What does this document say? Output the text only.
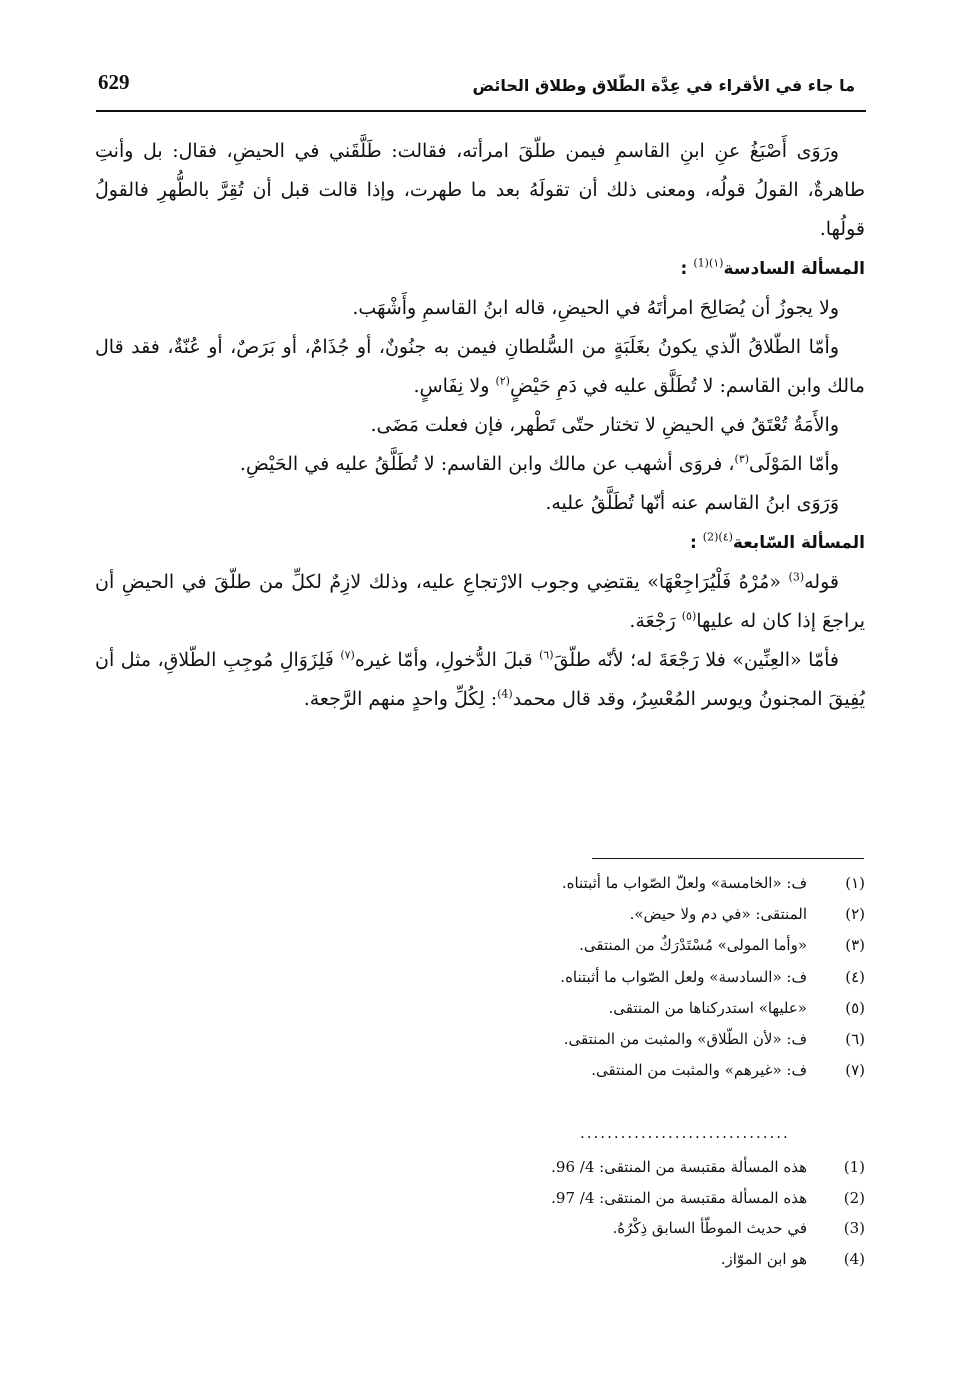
629	ما جاء في الأقراء في عِدَّة الطّلاق وطلاق الحائض

ورَوَى أَصْبَغُ عنِ ابنِ القاسمِ فيمن طلّقَ امرأته، فقالت: طَلَّقَني في الحيضِ، فقال: بل وأنتِ طاهرةٌ، القولُ قولُه، ومعنى ذلك أن تقولَهُ بعد ما طهرت، وإذا قالت قبل أن تُقِرَّ بالطُّهرِ فالقولُ قولُها.

المسألة السادسة$^{(١)(1)}$ :

ولا يجوزُ أن يُصَالِحَ امرأتَهُ في الحيضِ، قاله ابنُ القاسمِ وأَشْهَب.

وأمّا الطّلاقُ الّذي يكونُ بغَلَبَةٍ من السُّلطانِ فيمن به جنُونٌ، أو جُذَامٌ، أو بَرَصٌ، أو عُنّةٌ، فقد قال مالك وابن القاسم: لا تُطَلَّق عليه في دَمِ حَيْضٍ$^{(٢)}$ ولا نِفَاسٍ.

والأَمَةُ تُعْتَقُ في الحيضِ لا تختار حتّى تَطْهر، فإن فعلت مَضَى.

وأمّا المَوْلَى$^{(٣)}$، فروَى أشهب عن مالك وابن القاسم: لا تُطَلَّقُ عليه في الحَيْضِ.

وَرَوَى ابنُ القاسم عنه أنّها تُطَلَّقُ عليه.

المسألة السّابعة$^{(٤)(2)}$ :

قوله$^{(3)}$ «مُرْهُ فَلْيُرَاجِعْهَا» يقتضِي وجوب الارْتجاعِ عليه، وذلك لازِمٌ لكلِّ من طلّقَ في الحيضِ أن يراجعَ إذا كان له عليها$^{(٥)}$ رَجْعَة.

فأمّا «العِنِّين» فلا رَجْعَةَ له؛ لأنّه طلّقَ$^{(٦)}$ قبلَ الدُّخولِ، وأمّا غيره$^{(٧)}$ فَلِزَوَالِ مُوجِبِ الطّلاقِ، مثل أن يُفِيقَ المجنونُ ويوسر المُعْسِرُ، وقد قال محمد$^{(4)}$: لِكُلِّ واحدٍ منهم الرَّجعة.

(١)ف: «الخامسة» ولعلّ الصّواب ما أثبتناه.
(٢)المنتقى: «في دم ولا حيض».
(٣)«وأما المولى» مُسْتَدْرَكٌ من المنتقى.
(٤)ف: «السادسة» ولعل الصّواب ما أثبتناه.
(٥)«عليها» استدركناها من المنتقى.
(٦)ف: «لأن الطّلاق» والمثبت من المنتقى.
(٧)ف: «غيرهم» والمثبت من المنتقى.
...............................
(1)هذه المسألة مقتبسة من المنتقى: 4/ 96.
(2)هذه المسألة مقتبسة من المنتقى: 4/ 97.
(3)في حديث الموطّأ السابق ذِكْرُهُ.
(4)هو ابن الموّاز.
